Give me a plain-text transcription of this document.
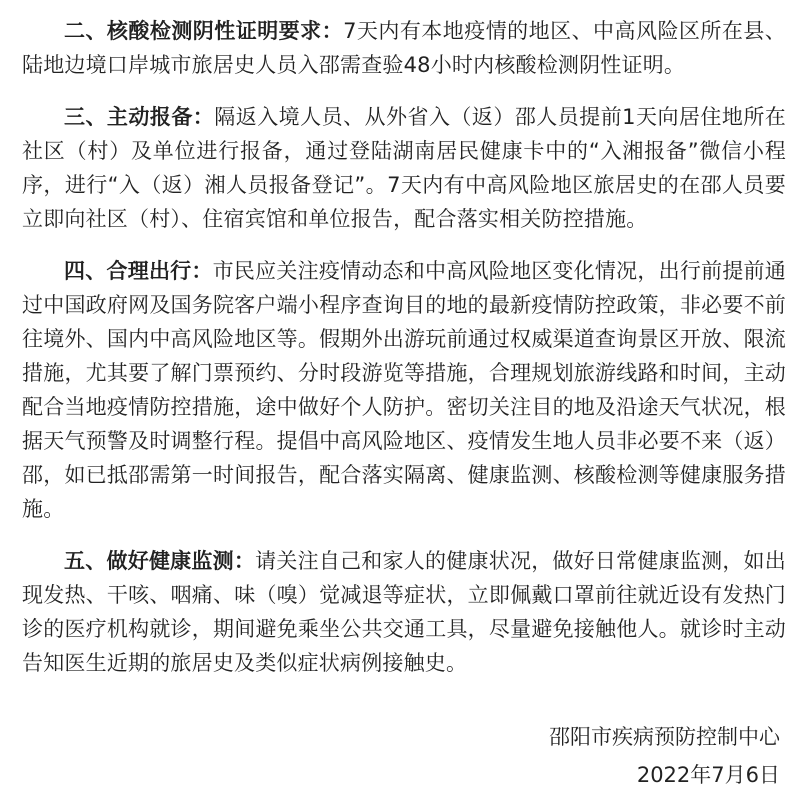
二、核酸检测阴性证明要求：7天内有本地疫情的地区、中高风险区所在县、陆地边境口岸城市旅居史人员入邵需查验48小时内核酸检测阴性证明。

三、主动报备：隔返入境人员、从外省入（返）邵人员提前1天向居住地所在社区（村）及单位进行报备，通过登陆湖南居民健康卡中的“入湘报备”微信小程序，进行“入（返）湘人员报备登记”。7天内有中高风险地区旅居史的在邵人员要立即向社区（村）、住宿宾馆和单位报告，配合落实相关防控措施。

四、合理出行：市民应关注疫情动态和中高风险地区变化情况，出行前提前通过中国政府网及国务院客户端小程序查询目的地的最新疫情防控政策，非必要不前往境外、国内中高风险地区等。假期外出游玩前通过权威渠道查询景区开放、限流措施，尤其要了解门票预约、分时段游览等措施，合理规划旅游线路和时间，主动配合当地疫情防控措施，途中做好个人防护。密切关注目的地及沿途天气状况，根据天气预警及时调整行程。提倡中高风险地区、疫情发生地人员非必要不来（返）邵，如已抵邵需第一时间报告，配合落实隔离、健康监测、核酸检测等健康服务措施。

五、做好健康监测：请关注自己和家人的健康状况，做好日常健康监测，如出现发热、干咳、咽痛、味（嗅）觉减退等症状，立即佩戴口罩前往就近设有发热门诊的医疗机构就诊，期间避免乘坐公共交通工具，尽量避免接触他人。就诊时主动告知医生近期的旅居史及类似症状病例接触史。

邵阳市疾病预防控制中心
2022年7月6日
